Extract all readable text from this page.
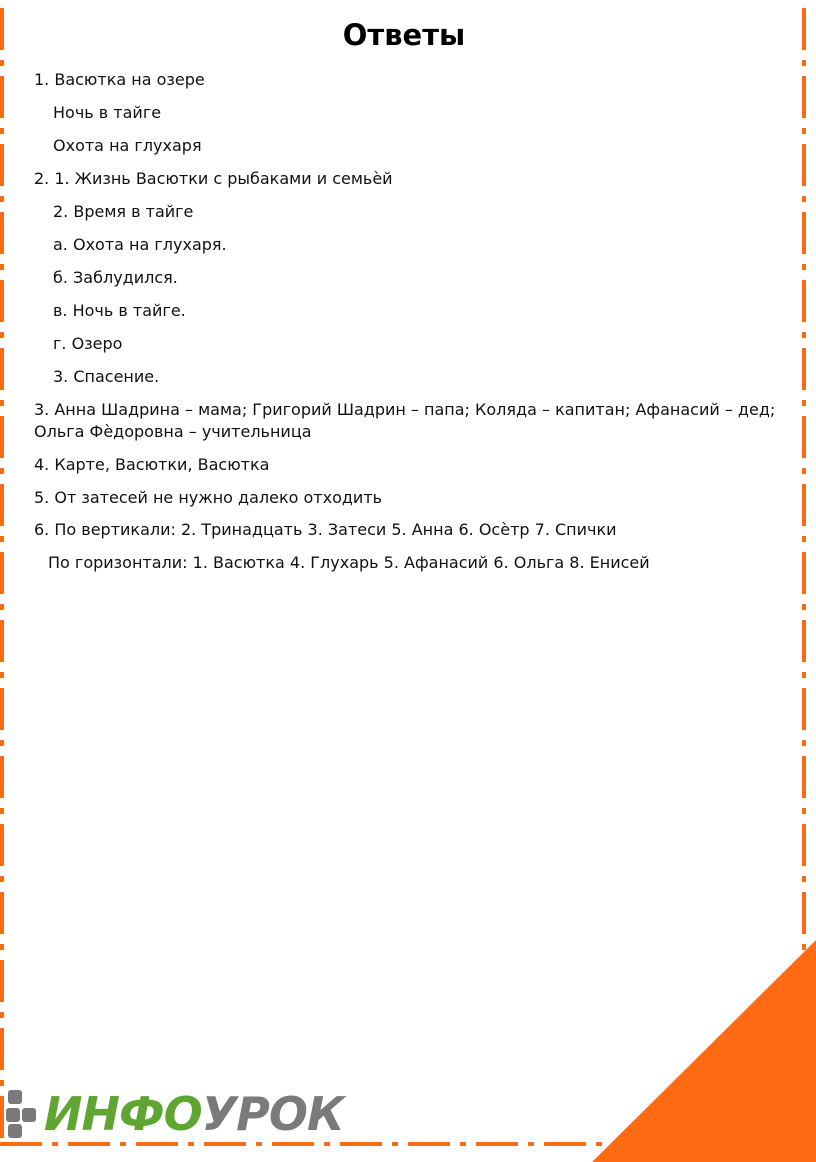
Ответы
1. Васютка на озере
Ночь в тайге
Охота на глухаря
2. 1. Жизнь Васютки с рыбаками и семьѐй
2. Время в тайге
а. Охота на глухаря.
б. Заблудился.
в. Ночь в тайге.
г. Озеро
3. Спасение.
3. Анна Шадрина – мама; Григорий Шадрин – папа; Коляда – капитан; Афанасий – дед; Ольга Фѐдоровна – учительница
4. Карте, Васютки, Васютка
5. От затесей не нужно далеко отходить
6. По вертикали: 2. Тринадцать 3. Затеси 5. Анна 6. Осѐтр 7. Спички
По горизонтали: 1. Васютка 4. Глухарь 5. Афанасий 6. Ольга 8. Енисей
ИНФОУРОК
